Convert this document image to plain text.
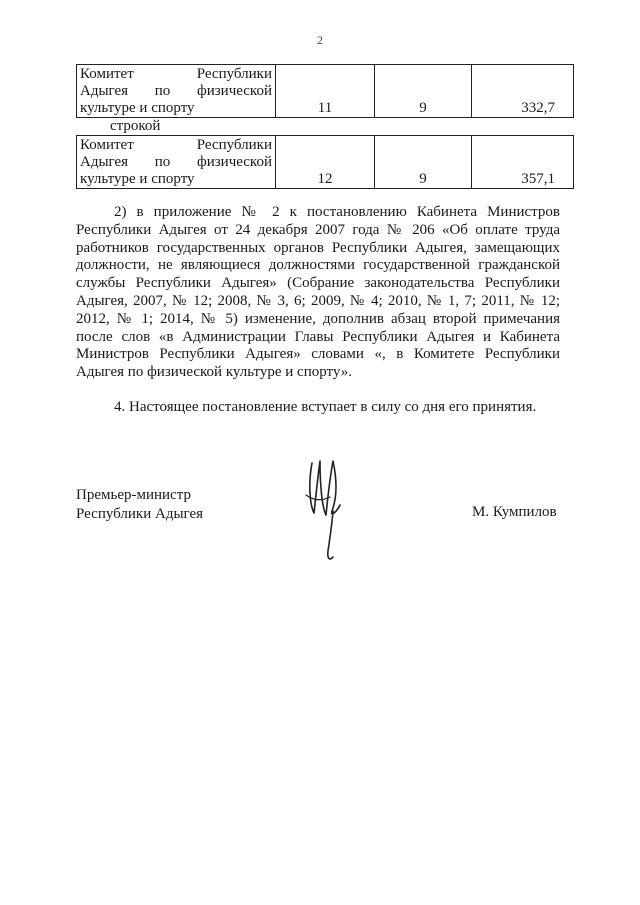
2
Комитет	Республики
Адыгея по физической
культуре и спорту	11	9	332,7
строкой
Комитет	Республики
Адыгея по физической
культуре и спорту	12	9	357,1

2) в приложение № 2 к постановлению Кабинета Министров Республики Адыгея от 24 декабря 2007 года № 206 «Об оплате труда работников государственных органов Республики Адыгея, замещающих должности, не являющиеся должностями государственной гражданской службы Республики Адыгея» (Собрание законодательства Республики Адыгея, 2007, № 12; 2008, № 3, 6; 2009, № 4; 2010, № 1, 7; 2011, № 12; 2012, № 1; 2014, № 5) изменение, дополнив абзац второй примечания после слов «в Администрации Главы Республики Адыгея и Кабинета Министров Республики Адыгея» словами «, в Комитете Республики Адыгея по физической культуре и спорту».

4. Настоящее постановление вступает в силу со дня его принятия.

Премьер-министр
Республики Адыгея	М. Кумпилов
